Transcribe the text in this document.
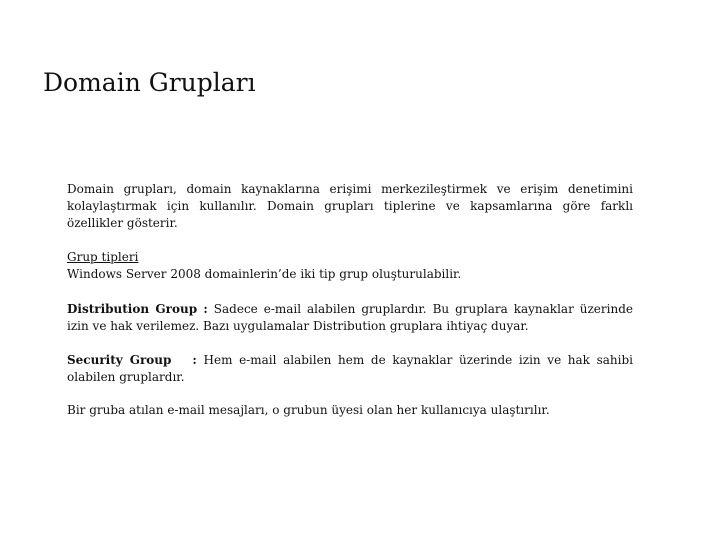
Domain Grupları

Domain grupları, domain kaynaklarına erişimi merkezileştirmek ve erişim denetimini kolaylaştırmak için kullanılır. Domain grupları tiplerine ve kapsamlarına göre farklı özellikler gösterir.

Grup tipleri
Windows Server 2008 domainlerin’de iki tip grup oluşturulabilir.

Distribution Group : Sadece e-mail alabilen gruplardır. Bu gruplara kaynaklar üzerinde izin ve hak verilemez. Bazı uygulamalar Distribution gruplara ihtiyaç duyar.

Security Group   : Hem e-mail alabilen hem de kaynaklar üzerinde izin ve hak sahibi olabilen gruplardır.

Bir gruba atılan e-mail mesajları, o grubun üyesi olan her kullanıcıya ulaştırılır.
